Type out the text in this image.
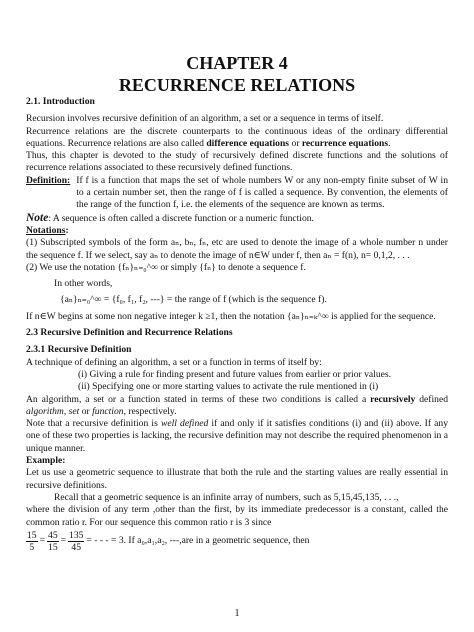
CHAPTER 4
RECURRENCE RELATIONS

2.1. Introduction

Recursion involves recursive definition of an algorithm, a set or a sequence in terms of itself.

Recurrence relations are the discrete counterparts to the continuous ideas of the ordinary differential equations. Recurrence relations are also called difference equations or recurrence equations.

Thus, this chapter is devoted to the study of recursively defined discrete functions and the solutions of recurrence relations associated to these recursively defined functions.

Definition: If f is a function that maps the set of whole numbers W or any non-empty finite subset of W in to a certain number set, then the range of f is called a sequence. By convention, the elements of the range of the function f, i.e. the elements of the sequence are known as terms.

Note: A sequence is often called a discrete function or a numeric function.

Notations:

(1) Subscripted symbols of the form aₙ, bₙ, fₙ, etc are used to denote the image of a whole number n under the sequence f. If we select, say aₙ to denote the image of n∈W under f, then aₙ = f(n), n= 0,1,2, . . .

(2) We use the notation {fₙ}ₙ₌₀^∞ or simply {fₙ} to denote a sequence f.

In other words,

{aₙ}ₙ₌₀^∞ = {f₀, f₁, f₂, ---} = the range of f (which is the sequence f).

If n∈W begins at some non negative integer k ≥1, then the notation {aₙ}ₙ₌ₖ^∞ is applied for the sequence.

2.3 Recursive Definition and Recurrence Relations

2.3.1 Recursive Definition

A technique of defining an algorithm, a set or a function in terms of itself by:

(i) Giving a rule for finding present and future values from earlier or prior values.

(ii) Specifying one or more starting values to activate the rule mentioned in (i)

An algorithm, a set or a function stated in terms of these two conditions is called a recursively defined algorithm, set or function, respectively.

Note that a recursive definition is well defined if and only if it satisfies conditions (i) and (ii) above. If any one of these two properties is lacking, the recursive definition may not describe the required phenomenon in a unique manner.

Example:

Let us use a geometric sequence to illustrate that both the rule and the starting values are really essential in recursive definitions.

Recall that a geometric sequence is an infinite array of numbers, such as 5,15,45,135, . . .,

where the division of any term ,other than the first, by its immediate predecessor is a constant, called the common ratio r. For our sequence this common ratio r is 3 since

$\frac{15}{5} = \frac{45}{15} = \frac{135}{45}$ = - - - = 3. If a₀,a₁,a₂, ---,are in a geometric sequence, then
1
